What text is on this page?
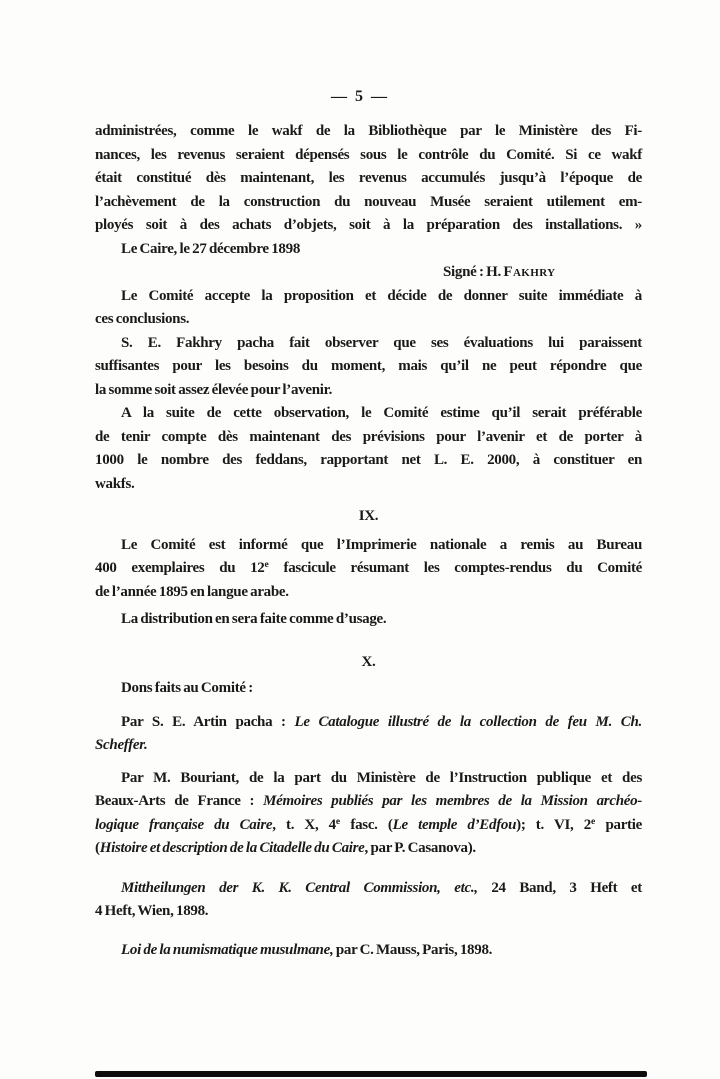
— 5 —
administrées, comme le wakf de la Bibliothèque par le Ministère des Fi-
nances, les revenus seraient dépensés sous le contrôle du Comité. Si ce wakf
était constitué dès maintenant, les revenus accumulés jusqu’à l’époque de
l’achèvement de la construction du nouveau Musée seraient utilement em-
ployés soit à des achats d’objets, soit à la préparation des installations. »
Le Caire, le 27 décembre 1898
Signé : H. Fakhry
Le Comité accepte la proposition et décide de donner suite immédiate à
ces conclusions.
S. E. Fakhry pacha fait observer que ses évaluations lui paraissent
suffisantes pour les besoins du moment, mais qu’il ne peut répondre que
la somme soit assez élevée pour l’avenir.
A la suite de cette observation, le Comité estime qu’il serait préférable
de tenir compte dès maintenant des prévisions pour l’avenir et de porter à
1000 le nombre des feddans, rapportant net L. E. 2000, à constituer en
wakfs.
IX.
Le Comité est informé que l’Imprimerie nationale a remis au Bureau
400 exemplaires du 12e fascicule résumant les comptes-rendus du Comité
de l’année 1895 en langue arabe.
La distribution en sera faite comme d’usage.
X.
Dons faits au Comité :
Par S. E. Artin pacha : Le Catalogue illustré de la collection de feu M. Ch.
Scheffer.
Par M. Bouriant, de la part du Ministère de l’Instruction publique et des
Beaux-Arts de France : Mémoires publiés par les membres de la Mission archéo-
logique française du Caire, t. X, 4e fasc. (Le temple d’Edfou); t. VI, 2e partie
(Histoire et description de la Citadelle du Caire, par P. Casanova).
Mittheilungen der K. K. Central Commission, etc., 24 Band, 3 Heft et
4 Heft, Wien, 1898.
Loi de la numismatique musulmane, par C. Mauss, Paris, 1898.
